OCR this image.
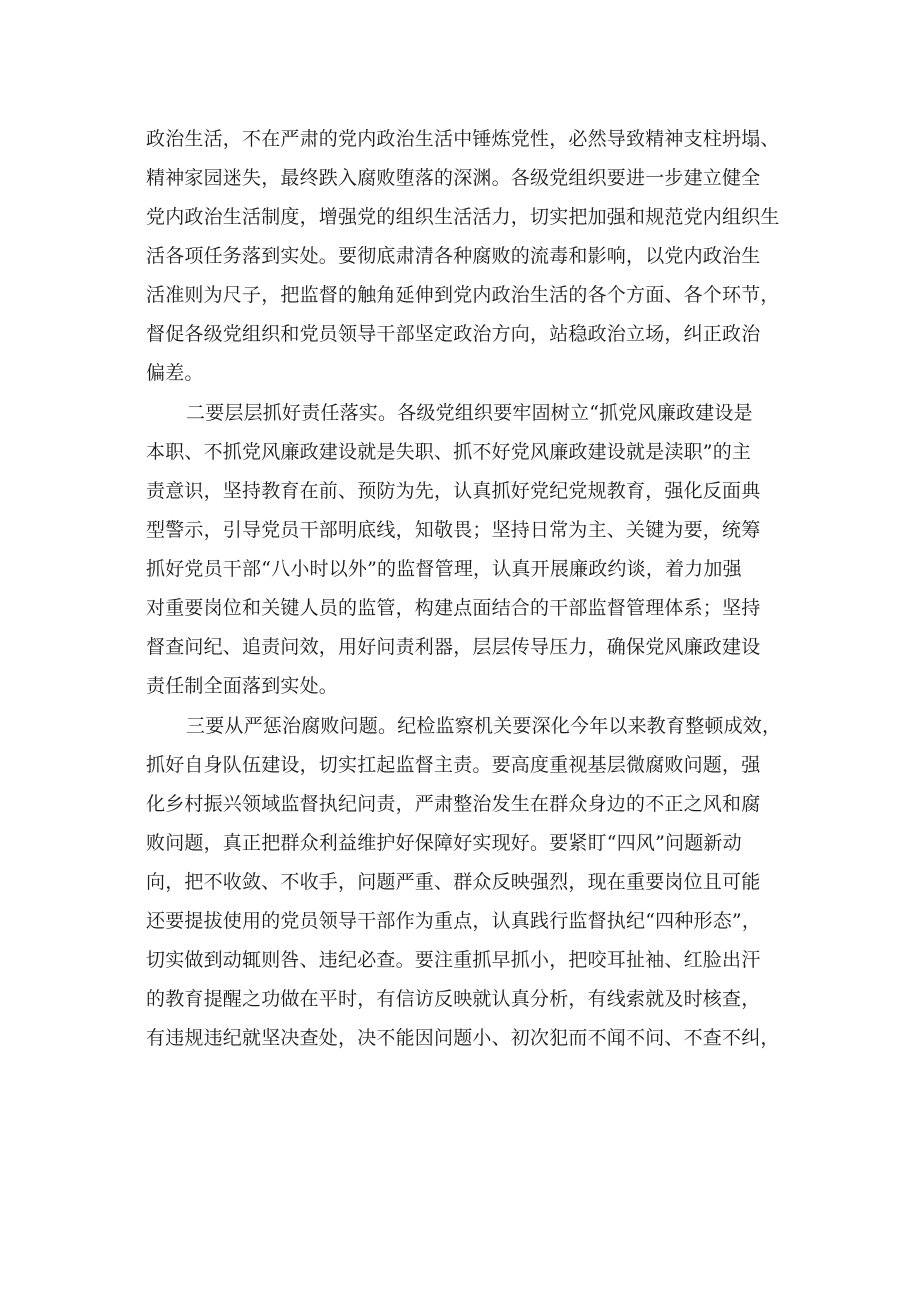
政治生活，不在严肃的党内政治生活中锤炼党性，必然导致精神支柱坍塌、
精神家园迷失，最终跌入腐败堕落的深渊。各级党组织要进一步建立健全
党内政治生活制度，增强党的组织生活活力，切实把加强和规范党内组织生
活各项任务落到实处。要彻底肃清各种腐败的流毒和影响，以党内政治生
活准则为尺子，把监督的触角延伸到党内政治生活的各个方面、各个环节，
督促各级党组织和党员领导干部坚定政治方向，站稳政治立场，纠正政治
偏差。
二要层层抓好责任落实。各级党组织要牢固树立“抓党风廉政建设是
本职、不抓党风廉政建设就是失职、抓不好党风廉政建设就是渎职”的主
责意识，坚持教育在前、预防为先，认真抓好党纪党规教育，强化反面典
型警示，引导党员干部明底线，知敬畏；坚持日常为主、关键为要，统筹
抓好党员干部“八小时以外”的监督管理，认真开展廉政约谈，着力加强
对重要岗位和关键人员的监管，构建点面结合的干部监督管理体系；坚持
督查问纪、追责问效，用好问责利器，层层传导压力，确保党风廉政建设
责任制全面落到实处。
三要从严惩治腐败问题。纪检监察机关要深化今年以来教育整顿成效，
抓好自身队伍建设，切实扛起监督主责。要高度重视基层微腐败问题，强
化乡村振兴领域监督执纪问责，严肃整治发生在群众身边的不正之风和腐
败问题，真正把群众利益维护好保障好实现好。要紧盯“四风”问题新动
向，把不收敛、不收手，问题严重、群众反映强烈，现在重要岗位且可能
还要提拔使用的党员领导干部作为重点，认真践行监督执纪“四种形态”，
切实做到动辄则咎、违纪必查。要注重抓早抓小，把咬耳扯袖、红脸出汗
的教育提醒之功做在平时，有信访反映就认真分析，有线索就及时核查，
有违规违纪就坚决查处，决不能因问题小、初次犯而不闻不问、不查不纠，
